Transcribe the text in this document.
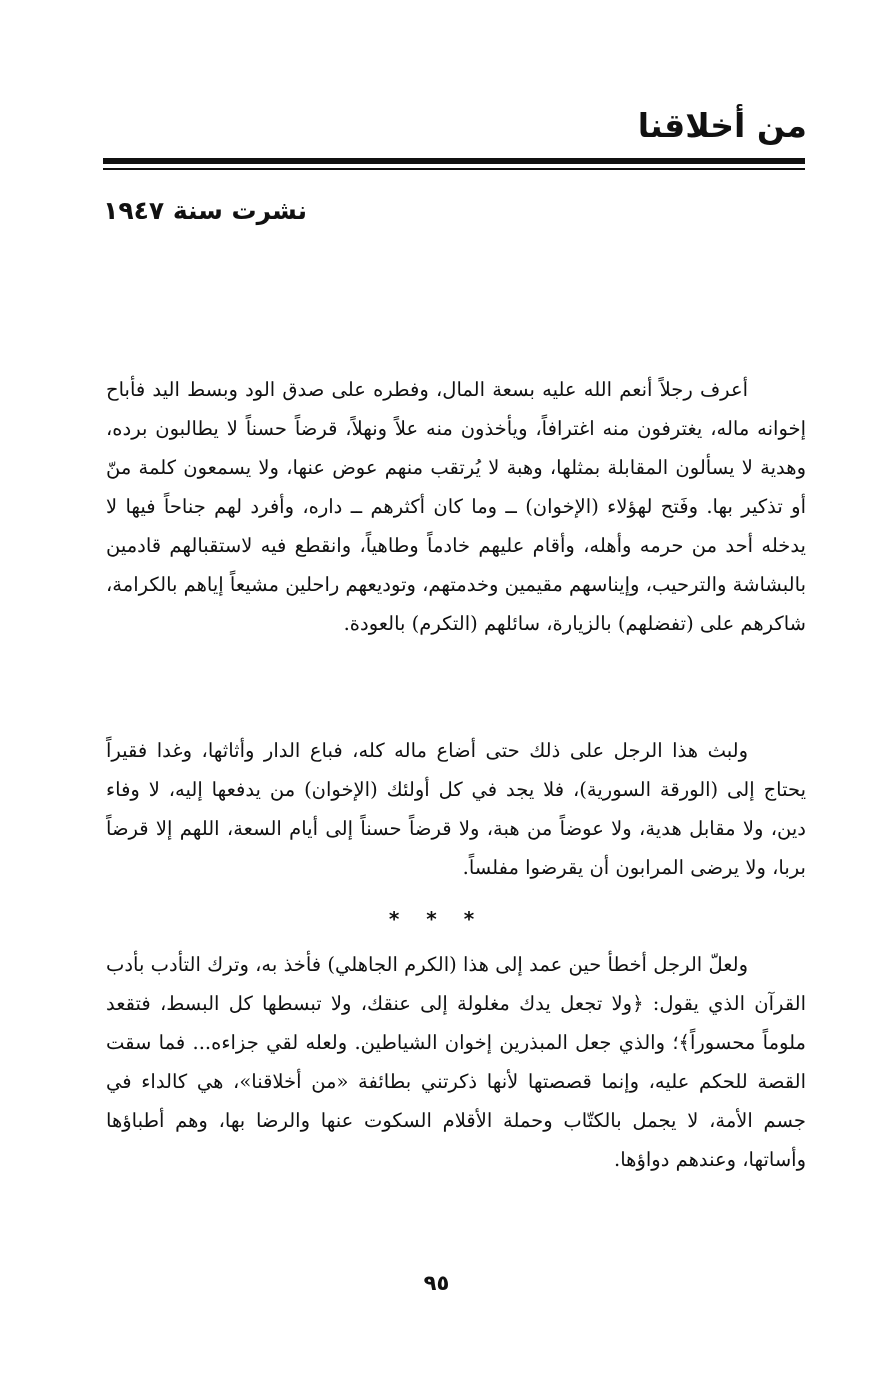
من أخلاقنا
نشرت سنة ١٩٤٧

أعرف رجلاً أنعم الله عليه بسعة المال، وفطره على صدق الود وبسط اليد فأباح إخوانه ماله، يغترفون منه اغترافاً، ويأخذون منه علاً ونهلاً، قرضاً حسناً لا يطالبون برده، وهدية لا يسألون المقابلة بمثلها، وهبة لا يُرتقب منهم عوض عنها، ولا يسمعون كلمة منّ أو تذكير بها. وفَتح لهؤلاء (الإخوان) ــ وما كان أكثرهم ــ داره، وأفرد لهم جناحاً فيها لا يدخله أحد من حرمه وأهله، وأقام عليهم خادماً وطاهياً، وانقطع فيه لاستقبالهم قادمين بالبشاشة والترحيب، وإيناسهم مقيمين وخدمتهم، وتوديعهم راحلين مشيعاً إياهم بالكرامة، شاكرهم على (تفضلهم) بالزيارة، سائلهم (التكرم) بالعودة.

ولبث هذا الرجل على ذلك حتى أضاع ماله كله، فباع الدار وأثاثها، وغدا فقيراً يحتاج إلى (الورقة السورية)، فلا يجد في كل أولئك (الإخوان) من يدفعها إليه، لا وفاء دين، ولا مقابل هدية، ولا عوضاً من هبة، ولا قرضاً حسناً إلى أيام السعة، اللهم إلا قرضاً بربا، ولا يرضى المرابون أن يقرضوا مفلساً.

* * *

ولعلّ الرجل أخطأ حين عمد إلى هذا (الكرم الجاهلي) فأخذ به، وترك التأدب بأدب القرآن الذي يقول: ﴿ولا تجعل يدك مغلولة إلى عنقك، ولا تبسطها كل البسط، فتقعد ملوماً محسوراً﴾؛ والذي جعل المبذرين إخوان الشياطين. ولعله لقي جزاءه... فما سقت القصة للحكم عليه، وإنما قصصتها لأنها ذكرتني بطائفة «من أخلاقنا»، هي كالداء في جسم الأمة، لا يجمل بالكتّاب وحملة الأقلام السكوت عنها والرضا بها، وهم أطباؤها وأساتها، وعندهم دواؤها.

٩٥
